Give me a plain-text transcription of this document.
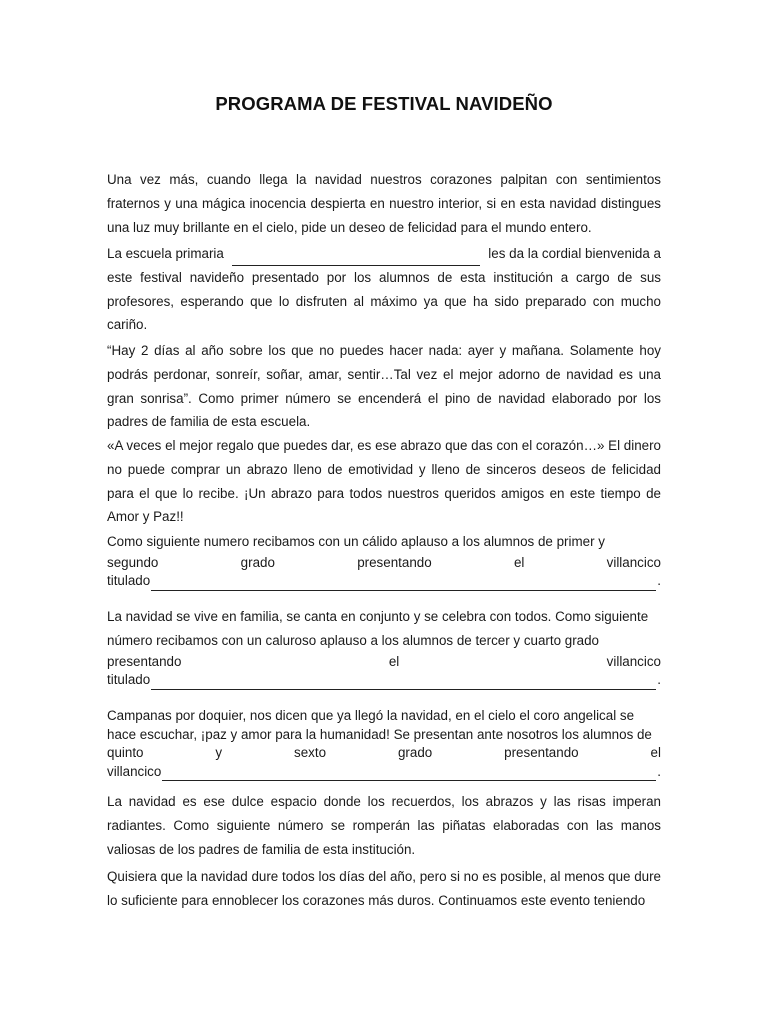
PROGRAMA DE FESTIVAL NAVIDEÑO

Una vez más, cuando llega la navidad nuestros corazones palpitan con sentimientos fraternos y una mágica inocencia despierta en nuestro interior, si en esta navidad distingues una luz muy brillante en el cielo, pide un deseo de felicidad para el mundo entero.

La escuela primaria	les da la cordial bienvenida a
este festival navideño presentado por los alumnos de esta institución a cargo de sus profesores, esperando que lo disfruten al máximo ya que ha sido preparado con mucho cariño.

“Hay 2 días al año sobre los que no puedes hacer nada: ayer y mañana. Solamente hoy podrás perdonar, sonreír, soñar, amar, sentir…Tal vez el mejor adorno de navidad es una gran sonrisa”. Como primer número se encenderá el pino de navidad elaborado por los padres de familia de esta escuela.

«A veces el mejor regalo que puedes dar, es ese abrazo que das con el corazón…» El dinero no puede comprar un abrazo lleno de emotividad y lleno de sinceros deseos de felicidad para el que lo recibe. ¡Un abrazo para todos nuestros queridos amigos en este tiempo de Amor y Paz!!

Como siguiente numero recibamos con un cálido aplauso a los alumnos de primer y
segundo	grado	presentando	el	villancico
titulado	.
La navidad se vive en familia, se canta en conjunto y se celebra con todos. Como siguiente
número recibamos con un caluroso aplauso a los alumnos de tercer y cuarto grado
presentando	el	villancico
titulado	.
Campanas por doquier, nos dicen que ya llegó la navidad, en el cielo el coro angelical se
hace escuchar, ¡paz y amor para la humanidad! Se presentan ante nosotros los alumnos de
quinto	y	sexto	grado	presentando	el
villancico	.

La navidad es ese dulce espacio donde los recuerdos, los abrazos y las risas imperan radiantes. Como siguiente número se romperán las piñatas elaboradas con las manos valiosas de los padres de familia de esta institución.

Quisiera que la navidad dure todos los días del año, pero si no es posible, al menos que dure lo suficiente para ennoblecer los corazones más duros. Continuamos este evento teniendo
